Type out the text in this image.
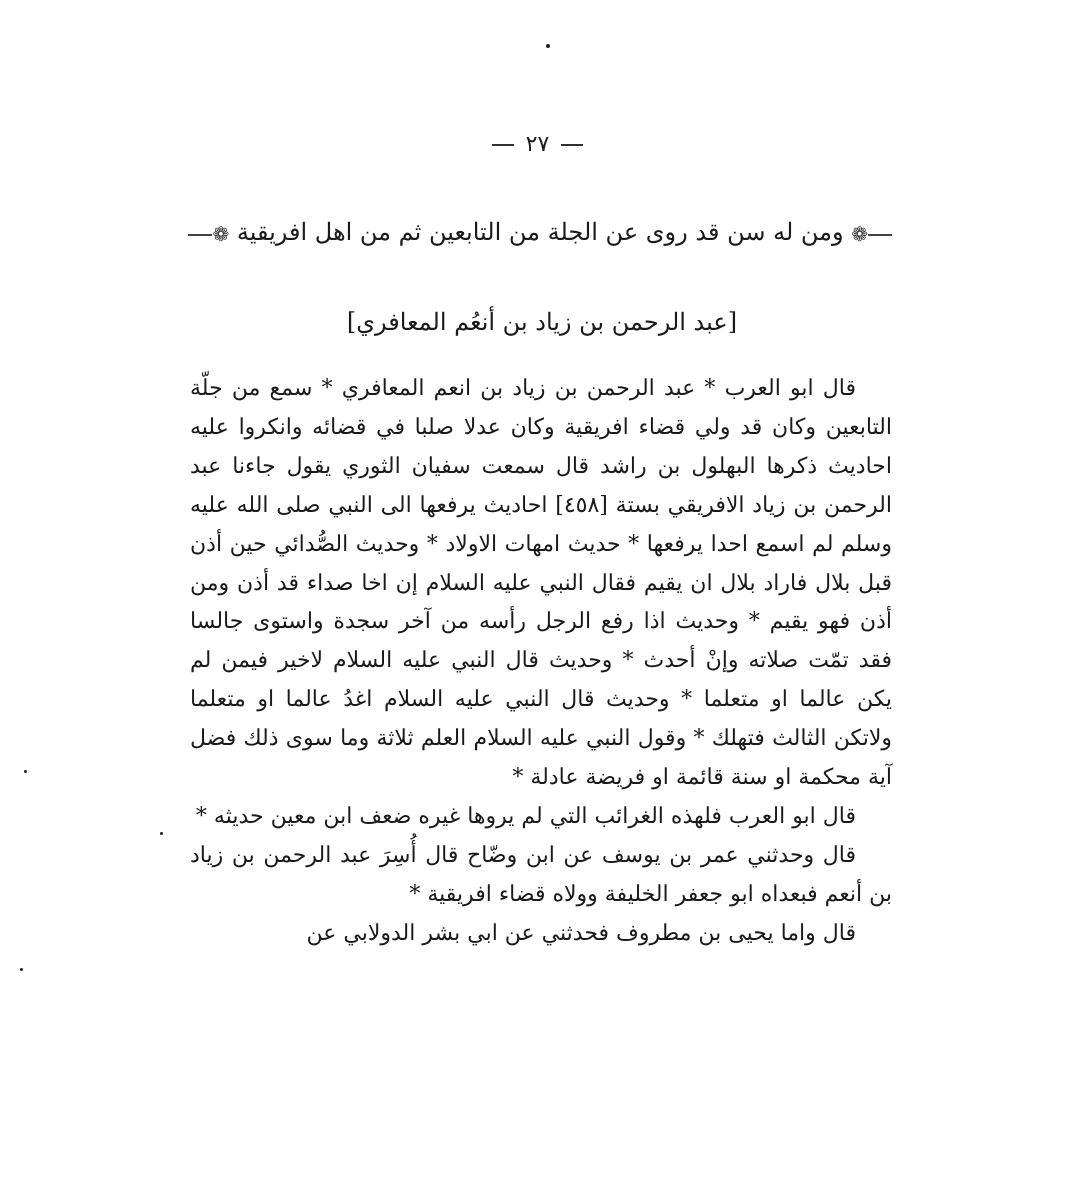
٢٧
❁ ومن له سن قد روى عن الجلة من التابعين ثم من اهل افريقية ❁
[عبد الرحمن بن زياد بن أنعُم المعافري]

قال ابو العرب * عبد الرحمن بن زياد بن انعم المعافري * سمع من جلّة التابعين وكان قد ولي قضاء افريقية وكان عدلا صلبا في قضائه وانكروا عليه احاديث ذكرها البهلول بن راشد قال سمعت سفيان الثوري يقول جاءنا عبد الرحمن بن زياد الافريقي بستة [٤٥٨] احاديث يرفعها الى النبي صلى الله عليه وسلم لم اسمع احدا يرفعها * حديث امهات الاولاد * وحديث الصُّدائي حين أذن قبل بلال فاراد بلال ان يقيم فقال النبي عليه السلام إن اخا صداء قد أذن ومن أذن فهو يقيم * وحديث اذا رفع الرجل رأسه من آخر سجدة واستوى جالسا فقد تمّت صلاته وإنْ أحدث * وحديث قال النبي عليه السلام لاخير فيمن لم يكن عالما او متعلما * وحديث قال النبي عليه السلام اغدُ عالما او متعلما ولاتكن الثالث فتهلك * وقول النبي عليه السلام العلم ثلاثة وما سوى ذلك فضل آية محكمة او سنة قائمة او فريضة عادلة *

قال ابو العرب فلهذه الغرائب التي لم يروها غيره ضعف ابن معين حديثه *

قال وحدثني عمر بن يوسف عن ابن وضّاح قال أُسِرَ عبد الرحمن بن زياد بن أنعم فبعداه ابو جعفر الخليفة وولاه قضاء افريقية *

قال واما يحيى بن مطروف فحدثني عن ابي بشر الدولابي عن
